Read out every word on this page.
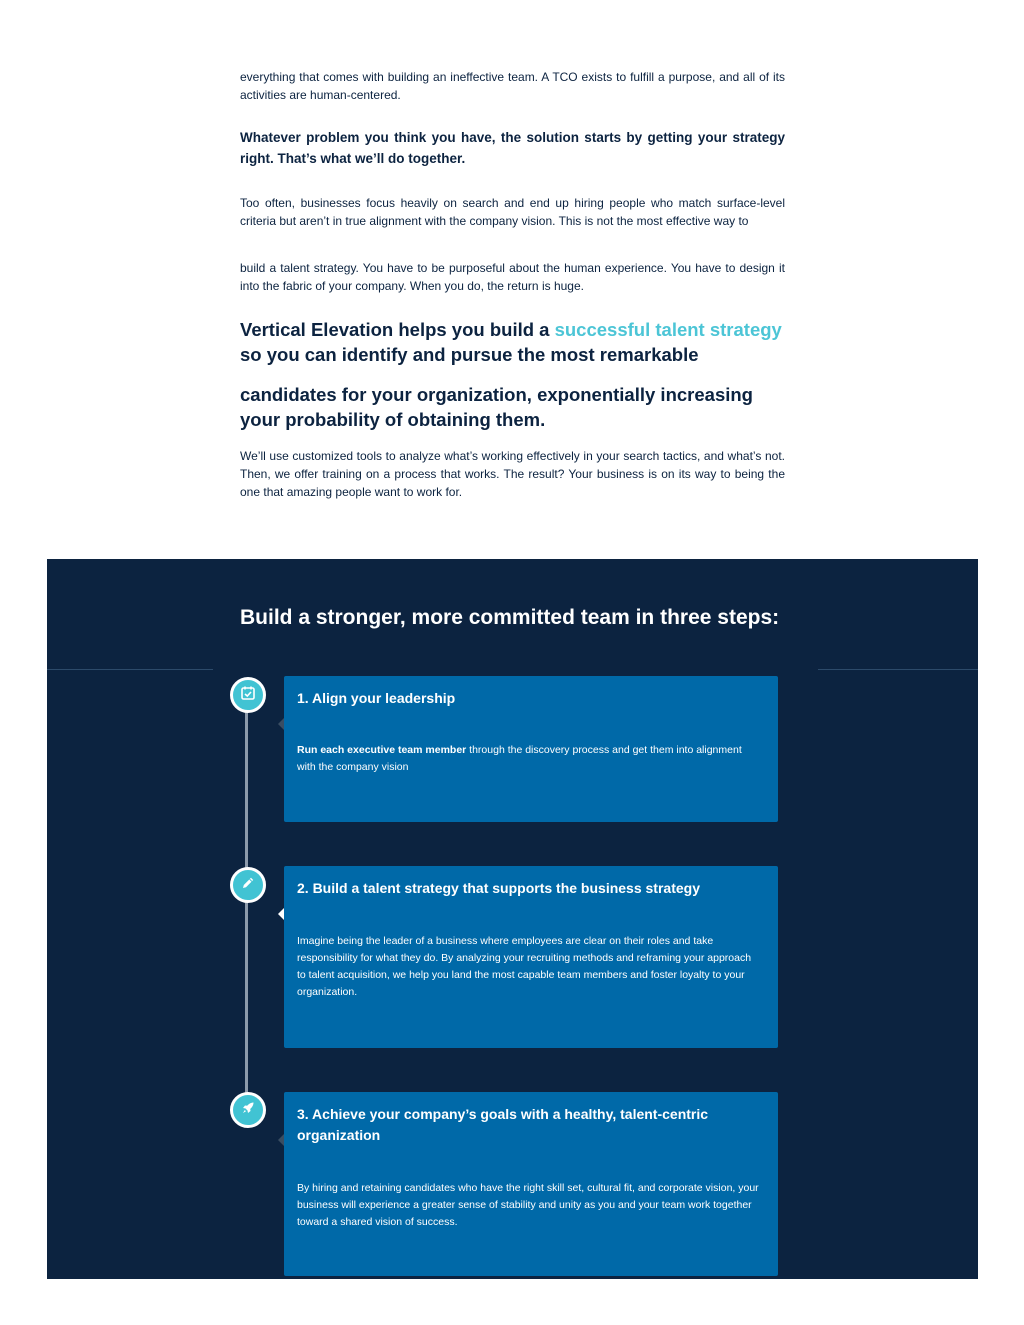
everything that comes with building an ineffective team. A TCO exists to fulfill a purpose, and all of its activities are human-centered.

Whatever problem you think you have, the solution starts by getting your strategy right. That’s what we’ll do together.

Too often, businesses focus heavily on search and end up hiring people who match surface-level criteria but aren’t in true alignment with the company vision. This is not the most effective way to

build a talent strategy. You have to be purposeful about the human experience. You have to design it into the fabric of your company. When you do, the return is huge.

Vertical Elevation helps you build a successful talent strategy so you can identify and pursue the most remarkable
candidates for your organization, exponentially increasing your probability of obtaining them.

We’ll use customized tools to analyze what’s working effectively in your search tactics, and what’s not. Then, we offer training on a process that works. The result? Your business is on its way to being the one that amazing people want to work for.

Build a stronger, more committed team in three steps:
1. Align your leadership

Run each executive team member through the discovery process and get them into alignment with the company vision

2. Build a talent strategy that supports the business strategy

Imagine being the leader of a business where employees are clear on their roles and take responsibility for what they do. By analyzing your recruiting methods and reframing your approach to talent acquisition, we help you land the most capable team members and foster loyalty to your organization.

3. Achieve your company’s goals with a healthy, talent-centric organization

By hiring and retaining candidates who have the right skill set, cultural fit, and corporate vision, your business will experience a greater sense of stability and unity as you and your team work together toward a shared vision of success.
